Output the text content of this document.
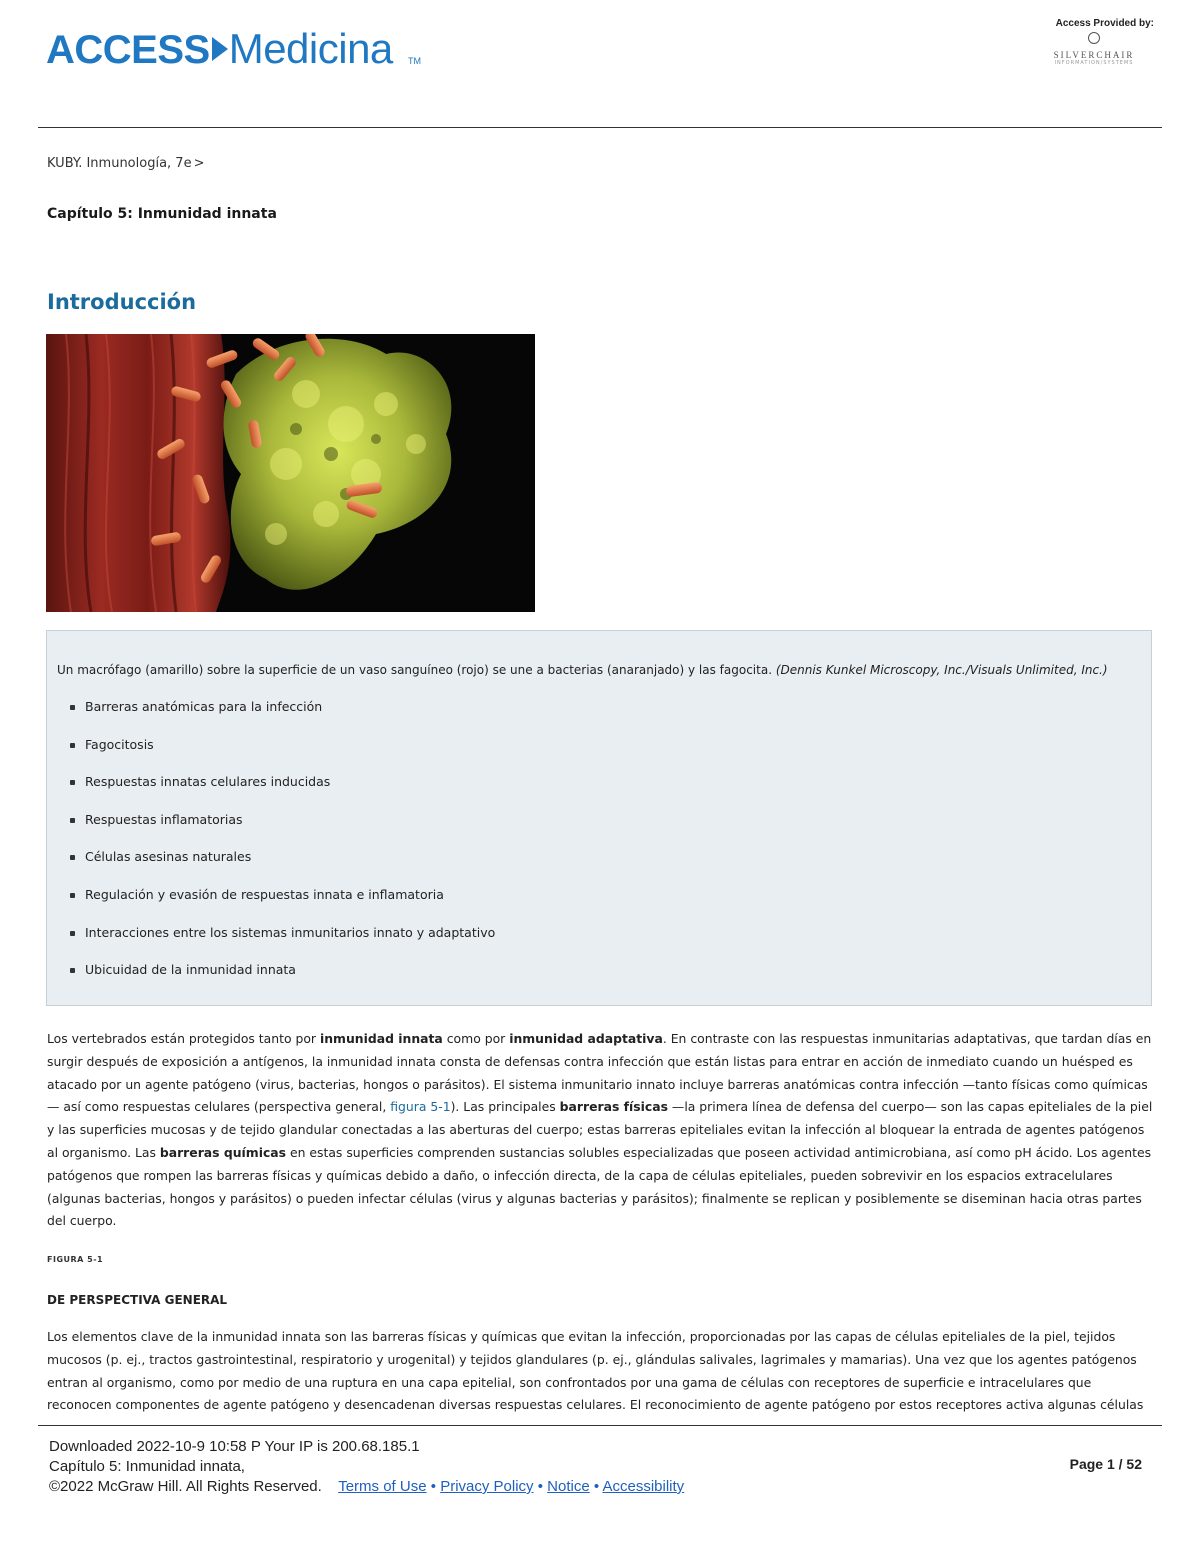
ACCESS Medicina TM
Access Provided by:
SILVERCHAIR
INFORMATION/SYSTEMS
KUBY. Inmunología, 7e >
Capítulo 5: Inmunidad innata
Introducción
Un macrófago (amarillo) sobre la superficie de un vaso sanguíneo (rojo) se une a bacterias (anaranjado) y las fagocita. (Dennis Kunkel Microscopy, Inc./Visuals Unlimited, Inc.)
Barreras anatómicas para la infección
Fagocitosis
Respuestas innatas celulares inducidas
Respuestas inflamatorias
Células asesinas naturales
Regulación y evasión de respuestas innata e inflamatoria
Interacciones entre los sistemas inmunitarios innato y adaptativo
Ubicuidad de la inmunidad innata
Los vertebrados están protegidos tanto por inmunidad innata como por inmunidad adaptativa. En contraste con las respuestas inmunitarias adaptativas, que tardan días en surgir después de exposición a antígenos, la inmunidad innata consta de defensas contra infección que están listas para entrar en acción de inmediato cuando un huésped es atacado por un agente patógeno (virus, bacterias, hongos o parásitos). El sistema inmunitario innato incluye barreras anatómicas contra infección —tanto físicas como químicas— así como respuestas celulares (perspectiva general, figura 5-1). Las principales barreras físicas —la primera línea de defensa del cuerpo— son las capas epiteliales de la piel y las superficies mucosas y de tejido glandular conectadas a las aberturas del cuerpo; estas barreras epiteliales evitan la infección al bloquear la entrada de agentes patógenos al organismo. Las barreras químicas en estas superficies comprenden sustancias solubles especializadas que poseen actividad antimicrobiana, así como pH ácido. Los agentes patógenos que rompen las barreras físicas y químicas debido a daño, o infección directa, de la capa de células epiteliales, pueden sobrevivir en los espacios extracelulares (algunas bacterias, hongos y parásitos) o pueden infectar células (virus y algunas bacterias y parásitos); finalmente se replican y posiblemente se diseminan hacia otras partes del cuerpo.
FIGURA 5-1
DE PERSPECTIVA GENERAL
Los elementos clave de la inmunidad innata son las barreras físicas y químicas que evitan la infección, proporcionadas por las capas de células epiteliales de la piel, tejidos mucosos (p. ej., tractos gastrointestinal, respiratorio y urogenital) y tejidos glandulares (p. ej., glándulas salivales, lagrimales y mamarias). Una vez que los agentes patógenos entran al organismo, como por medio de una ruptura en una capa epitelial, son confrontados por una gama de células con receptores de superficie e intracelulares que reconocen componentes de agente patógeno y desencadenan diversas respuestas celulares. El reconocimiento de agente patógeno por estos receptores activa algunas células
Downloaded 2022-10-9 10:58 P Your IP is 200.68.185.1
Capítulo 5: Inmunidad innata,
©2022 McGraw Hill. All Rights Reserved. Terms of Use • Privacy Policy • Notice • Accessibility
Page 1 / 52
